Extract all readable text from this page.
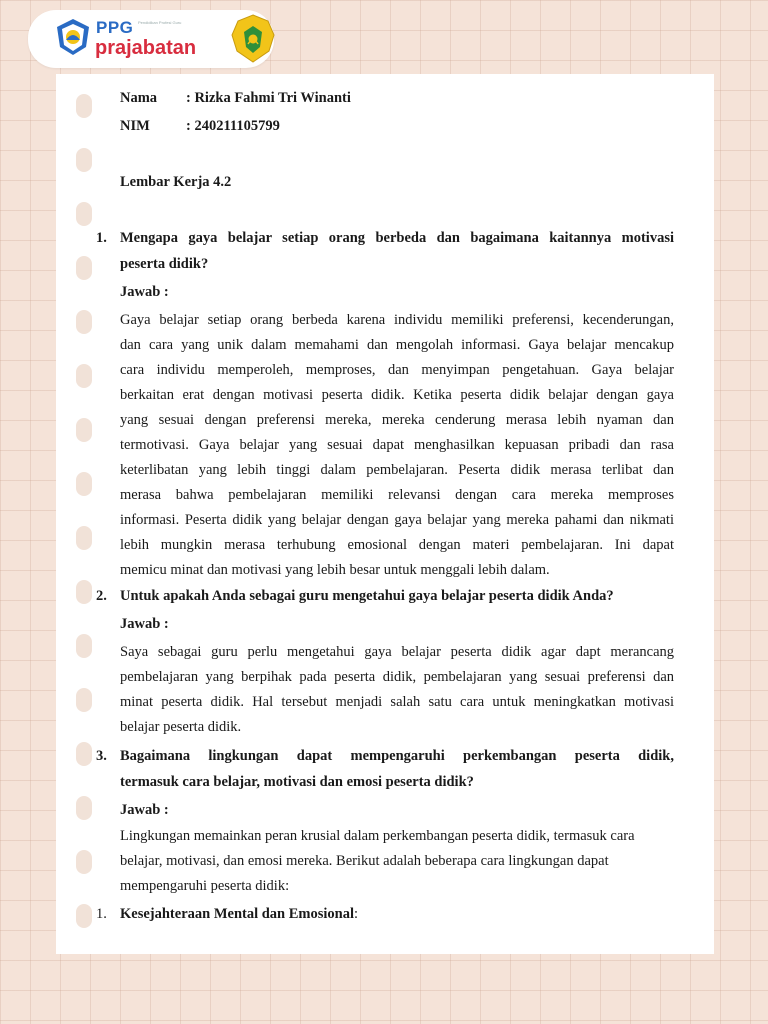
PPG Pendidikan Profesi Guru
prajabatan
Nama : Rizka Fahmi Tri Winanti
NIM : 240211105799
Lembar Kerja 4.2
1. Mengapa gaya belajar setiap orang berbeda dan bagaimana kaitannya motivasi
peserta didik?
Jawab :
Gaya belajar setiap orang berbeda karena individu memiliki preferensi, kecenderungan,
dan cara yang unik dalam memahami dan mengolah informasi. Gaya belajar mencakup
cara individu memperoleh, memproses, dan menyimpan pengetahuan. Gaya belajar
berkaitan erat dengan motivasi peserta didik. Ketika peserta didik belajar dengan gaya
yang sesuai dengan preferensi mereka, mereka cenderung merasa lebih nyaman dan
termotivasi. Gaya belajar yang sesuai dapat menghasilkan kepuasan pribadi dan rasa
keterlibatan yang lebih tinggi dalam pembelajaran. Peserta didik merasa terlibat dan
merasa bahwa pembelajaran memiliki relevansi dengan cara mereka memproses
informasi. Peserta didik yang belajar dengan gaya belajar yang mereka pahami dan nikmati
lebih mungkin merasa terhubung emosional dengan materi pembelajaran. Ini dapat
memicu minat dan motivasi yang lebih besar untuk menggali lebih dalam.
2. Untuk apakah Anda sebagai guru mengetahui gaya belajar peserta didik Anda?
Jawab :
Saya sebagai guru perlu mengetahui gaya belajar peserta didik agar dapt merancang
pembelajaran yang berpihak pada peserta didik, pembelajaran yang sesuai preferensi dan
minat peserta didik. Hal tersebut menjadi salah satu cara untuk meningkatkan motivasi
belajar peserta didik.
3. Bagaimana lingkungan dapat mempengaruhi perkembangan peserta didik,
termasuk cara belajar, motivasi dan emosi peserta didik?
Jawab :
Lingkungan memainkan peran krusial dalam perkembangan peserta didik, termasuk cara
belajar, motivasi, dan emosi mereka. Berikut adalah beberapa cara lingkungan dapat
mempengaruhi peserta didik:
1. Kesejahteraan Mental dan Emosional:
